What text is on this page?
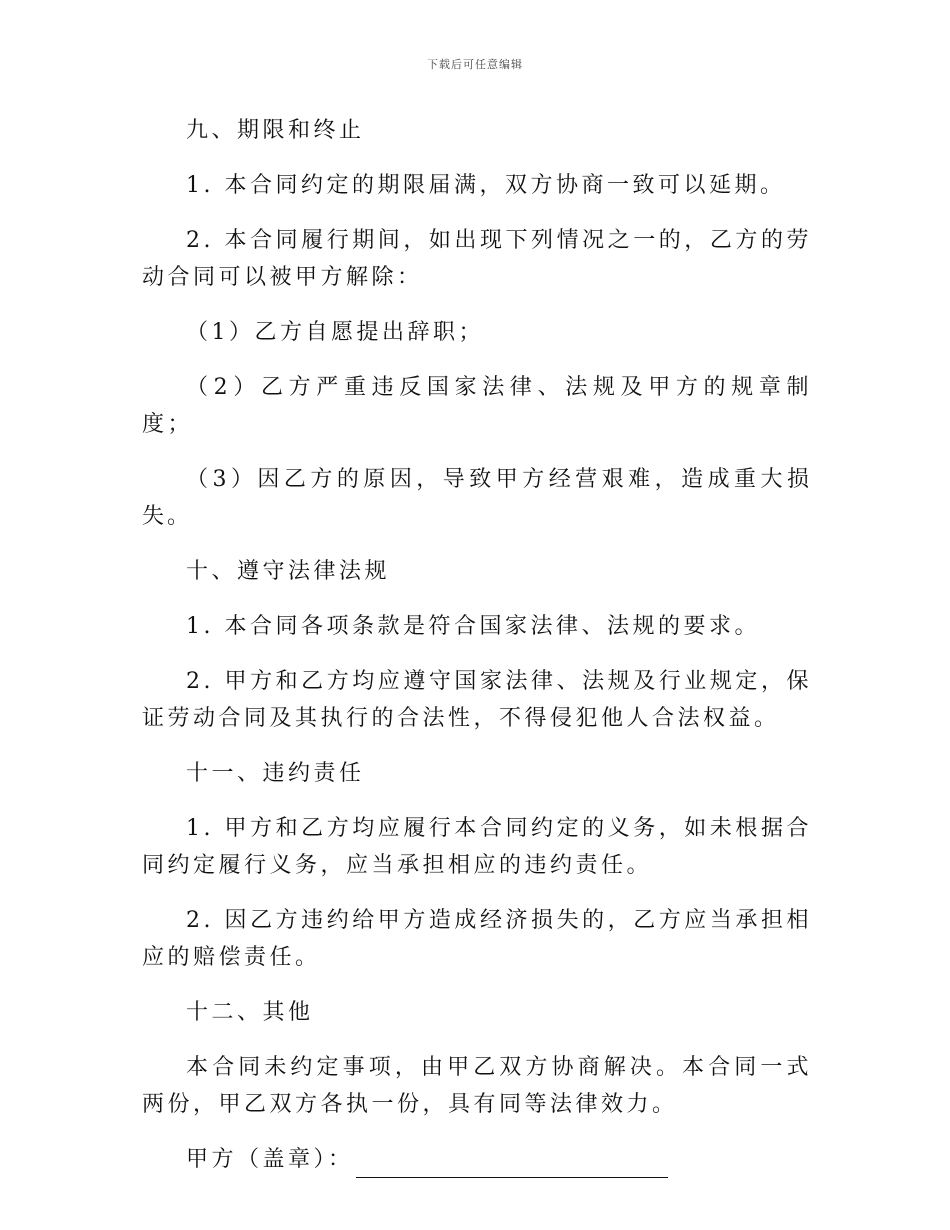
下载后可任意编辑

九、期限和终止

1. 本合同约定的期限届满，双方协商一致可以延期。

2. 本合同履行期间，如出现下列情况之一的，乙方的劳动合同可以被甲方解除：

（1）乙方自愿提出辞职；

（2）乙方严重违反国家法律、法规及甲方的规章制度；

（3）因乙方的原因，导致甲方经营艰难，造成重大损失。

十、遵守法律法规

1. 本合同各项条款是符合国家法律、法规的要求。

2. 甲方和乙方均应遵守国家法律、法规及行业规定，保证劳动合同及其执行的合法性，不得侵犯他人合法权益。

十一、违约责任

1. 甲方和乙方均应履行本合同约定的义务，如未根据合同约定履行义务，应当承担相应的违约责任。

2. 因乙方违约给甲方造成经济损失的，乙方应当承担相应的赔偿责任。

十二、其他

本合同未约定事项，由甲乙双方协商解决。本合同一式两份，甲乙双方各执一份，具有同等法律效力。

甲方（盖章）：
